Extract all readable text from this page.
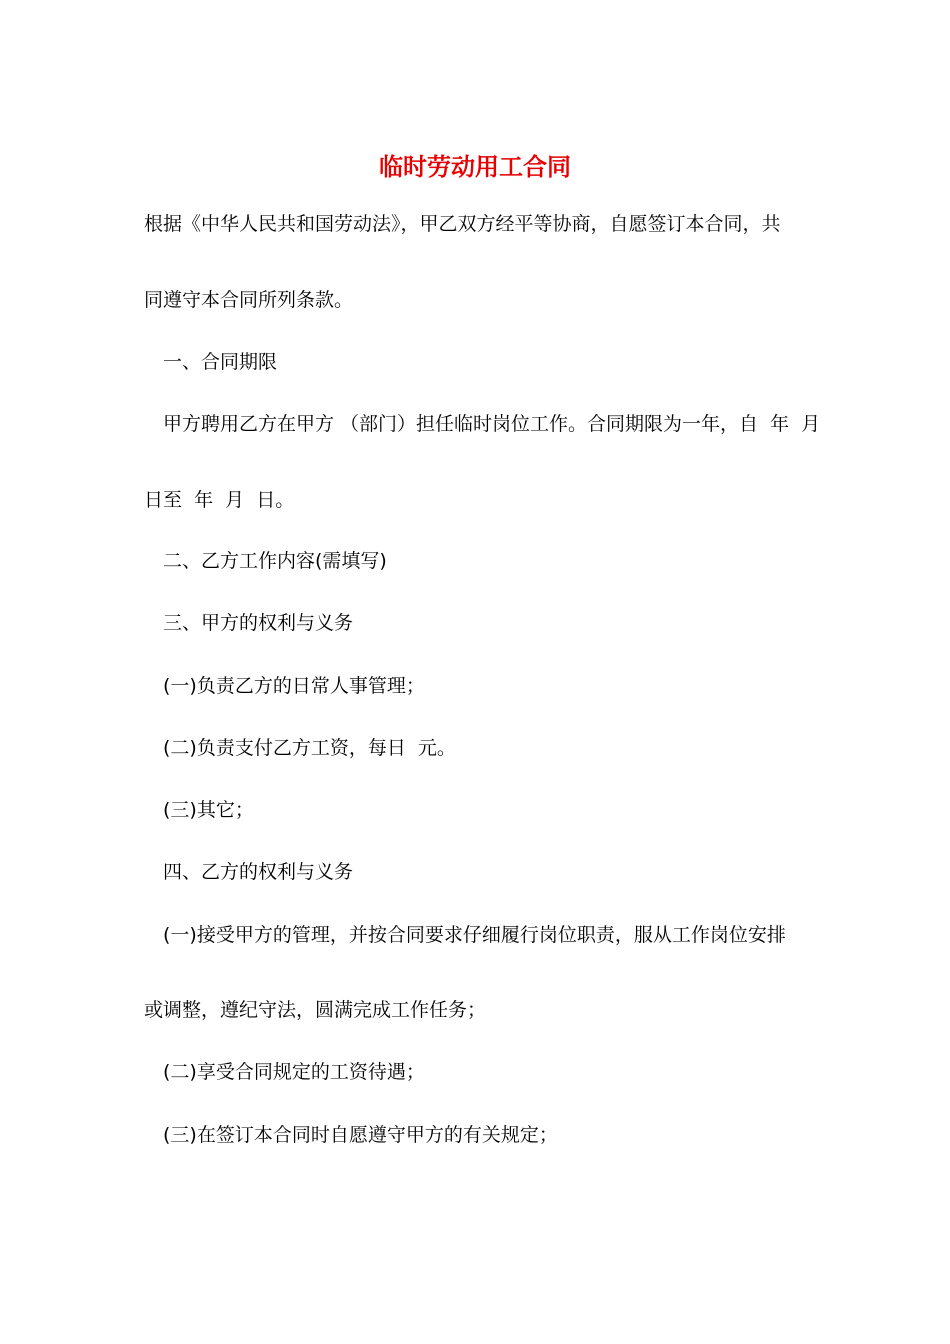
临时劳动用工合同
根据《中华人民共和国劳动法》，甲乙双方经平等协商，自愿签订本合同，共
同遵守本合同所列条款。
一、合同期限
甲方聘用乙方在甲方 （部门）担任临时岗位工作。合同期限为一年，自  年  月
日至  年  月  日。
二、乙方工作内容(需填写)
三、甲方的权利与义务
(一)负责乙方的日常人事管理；
(二)负责支付乙方工资，每日  元。
(三)其它；
四、乙方的权利与义务
(一)接受甲方的管理，并按合同要求仔细履行岗位职责，服从工作岗位安排
或调整，遵纪守法，圆满完成工作任务；
(二)享受合同规定的工资待遇；
(三)在签订本合同时自愿遵守甲方的有关规定；
